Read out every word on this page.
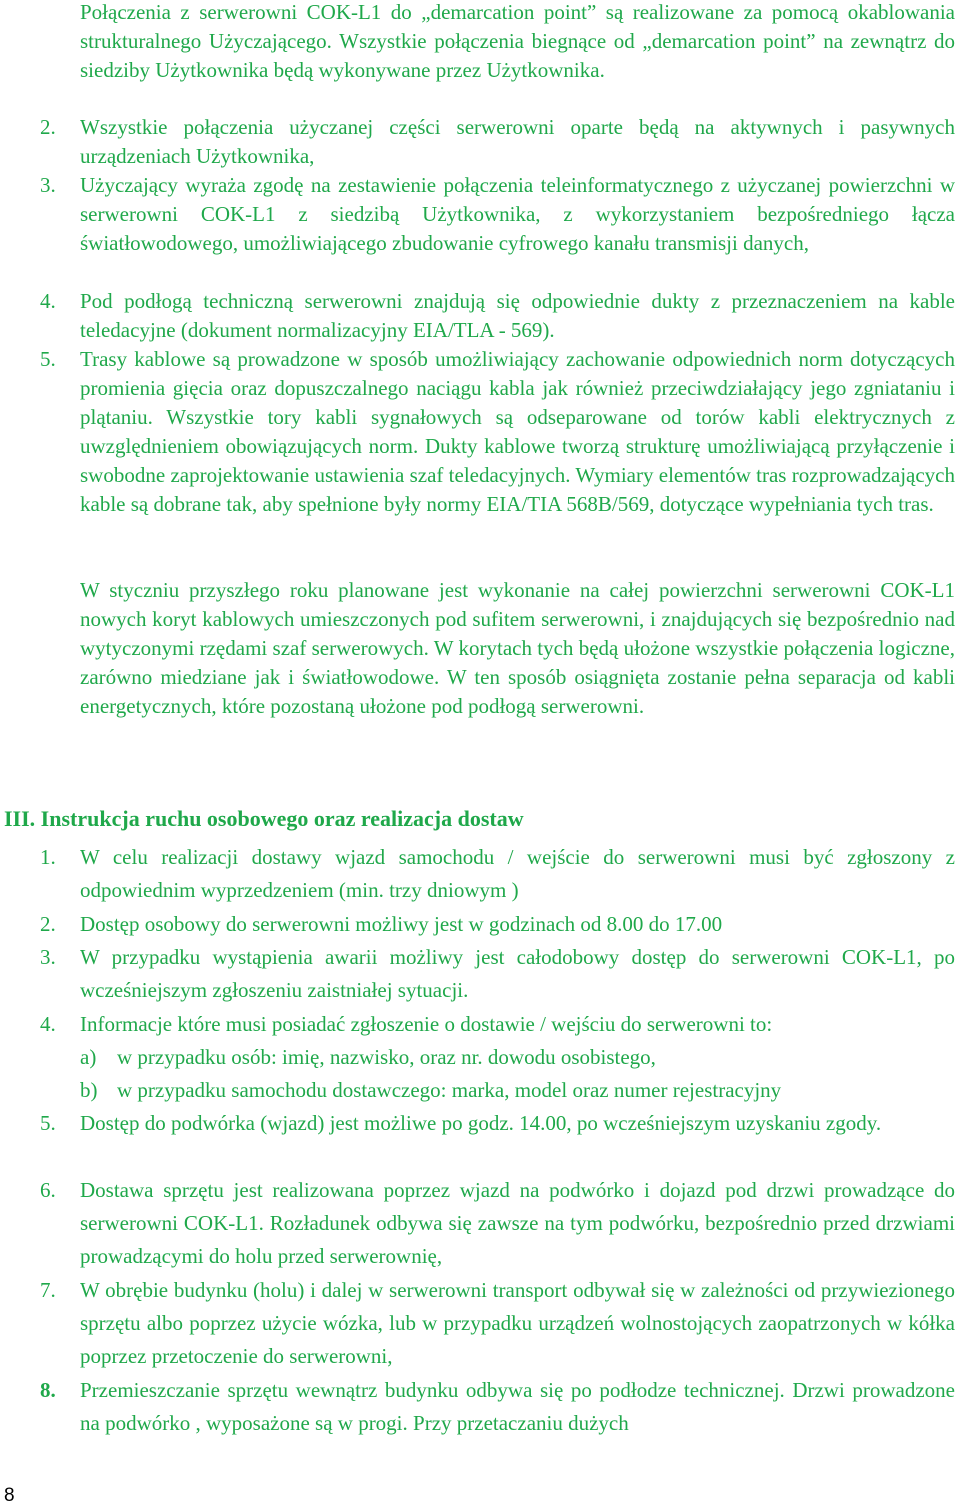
Połączenia z serwerowni COK-L1 do „demarcation point” są realizowane za pomocą okablowania strukturalnego Użyczającego. Wszystkie połączenia biegnące od „demarcation point” na zewnątrz do siedziby Użytkownika będą wykonywane przez Użytkownika.

2. Wszystkie połączenia użyczanej części serwerowni oparte będą na aktywnych i pasywnych urządzeniach Użytkownika,

3. Użyczający wyraża zgodę na zestawienie połączenia teleinformatycznego z użyczanej powierzchni w serwerowni COK-L1 z siedzibą Użytkownika, z wykorzystaniem bezpośredniego łącza światłowodowego, umożliwiającego zbudowanie cyfrowego kanału transmisji danych,

4. Pod podłogą techniczną serwerowni znajdują się odpowiednie dukty z przeznaczeniem na kable teledacyjne (dokument normalizacyjny EIA/TLA - 569).

5. Trasy kablowe są prowadzone w sposób umożliwiający zachowanie odpowiednich norm dotyczących promienia gięcia oraz dopuszczalnego naciągu kabla jak również przeciwdziałający jego zgniataniu i plątaniu. Wszystkie tory kabli sygnałowych są odseparowane od torów kabli elektrycznych z uwzględnieniem obowiązujących norm. Dukty kablowe tworzą strukturę umożliwiającą przyłączenie i swobodne zaprojektowanie ustawienia szaf teledacyjnych. Wymiary elementów tras rozprowadzających kable są dobrane tak, aby spełnione były normy EIA/TIA 568B/569, dotyczące wypełniania tych tras.

W styczniu przyszłego roku planowane jest wykonanie na całej powierzchni serwerowni COK-L1 nowych koryt kablowych umieszczonych pod sufitem serwerowni, i znajdujących się bezpośrednio nad wytyczonymi rzędami szaf serwerowych. W korytach tych będą ułożone wszystkie połączenia logiczne, zarówno miedziane jak i światłowodowe. W ten sposób osiągnięta zostanie pełna separacja od kabli energetycznych, które pozostaną ułożone pod podłogą serwerowni.

III. Instrukcja ruchu osobowego oraz realizacja dostaw

1. W celu realizacji dostawy wjazd samochodu / wejście do serwerowni musi być zgłoszony z odpowiednim wyprzedzeniem (min. trzy dniowym )

2. Dostęp osobowy do serwerowni możliwy jest w godzinach od 8.00 do 17.00

3. W przypadku wystąpienia awarii możliwy jest całodobowy dostęp do serwerowni COK-L1, po wcześniejszym zgłoszeniu zaistniałej sytuacji.

4. Informacje które musi posiadać zgłoszenie o dostawie / wejściu do serwerowni to:

a) w przypadku osób: imię, nazwisko, oraz nr. dowodu osobistego,

b) w przypadku samochodu dostawczego: marka, model oraz numer rejestracyjny

5. Dostęp do podwórka (wjazd) jest możliwe po godz. 14.00, po wcześniejszym uzyskaniu zgody.

6. Dostawa sprzętu jest realizowana poprzez wjazd na podwórko i dojazd pod drzwi prowadzące do serwerowni COK-L1. Rozładunek odbywa się zawsze na tym podwórku, bezpośrednio przed drzwiami prowadzącymi do holu przed serwerownię,

7. W obrębie budynku (holu) i dalej w serwerowni transport odbywał się w zależności od przywiezionego sprzętu albo poprzez użycie wózka, lub w przypadku urządzeń wolnostojących zaopatrzonych w kółka poprzez przetoczenie do serwerowni,

8. Przemieszczanie sprzętu wewnątrz budynku odbywa się po podłodze technicznej. Drzwi prowadzone na podwórko , wyposażone są w progi. Przy przetaczaniu dużych

8
